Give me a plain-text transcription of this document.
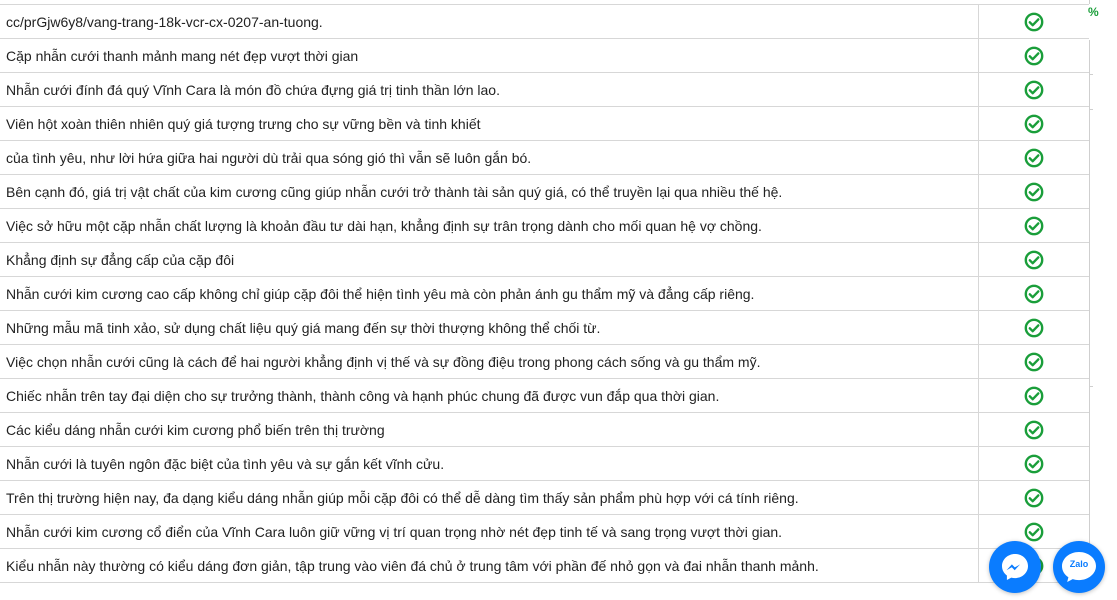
cc/prGjw6y8/vang-trang-18k-vcr-cx-0207-an-tuong.	

Cặp nhẫn cưới thanh mảnh mang nét đẹp vượt thời gian	

Nhẫn cưới đính đá quý Vĩnh Cara là món đồ chứa đựng giá trị tinh thần lớn lao.	

Viên hột xoàn thiên nhiên quý giá tượng trưng cho sự vững bền và tinh khiết	

của tình yêu, như lời hứa giữa hai người dù trải qua sóng gió thì vẫn sẽ luôn gắn bó.	

Bên cạnh đó, giá trị vật chất của kim cương cũng giúp nhẫn cưới trở thành tài sản quý giá, có thể truyền lại qua nhiều thế hệ.	

Việc sở hữu một cặp nhẫn chất lượng là khoản đầu tư dài hạn, khẳng định sự trân trọng dành cho mối quan hệ vợ chồng.	

Khẳng định sự đẳng cấp của cặp đôi	

Nhẫn cưới kim cương cao cấp không chỉ giúp cặp đôi thể hiện tình yêu mà còn phản ánh gu thẩm mỹ và đẳng cấp riêng.	

Những mẫu mã tinh xảo, sử dụng chất liệu quý giá mang đến sự thời thượng không thể chối từ.	

Việc chọn nhẫn cưới cũng là cách để hai người khẳng định vị thế và sự đồng điệu trong phong cách sống và gu thẩm mỹ.	

Chiếc nhẫn trên tay đại diện cho sự trưởng thành, thành công và hạnh phúc chung đã được vun đắp qua thời gian.	

Các kiểu dáng nhẫn cưới kim cương phổ biến trên thị trường	

Nhẫn cưới là tuyên ngôn đặc biệt của tình yêu và sự gắn kết vĩnh cửu.	

Trên thị trường hiện nay, đa dạng kiểu dáng nhẫn giúp mỗi cặp đôi có thể dễ dàng tìm thấy sản phẩm phù hợp với cá tính riêng.	

Nhẫn cưới kim cương cổ điển của Vĩnh Cara luôn giữ vững vị trí quan trọng nhờ nét đẹp tinh tế và sang trọng vượt thời gian.	

Kiểu nhẫn này thường có kiểu dáng đơn giản, tập trung vào viên đá chủ ở trung tâm với phần đế nhỏ gọn và đai nhẫn thanh mảnh.	
%
Zalo
